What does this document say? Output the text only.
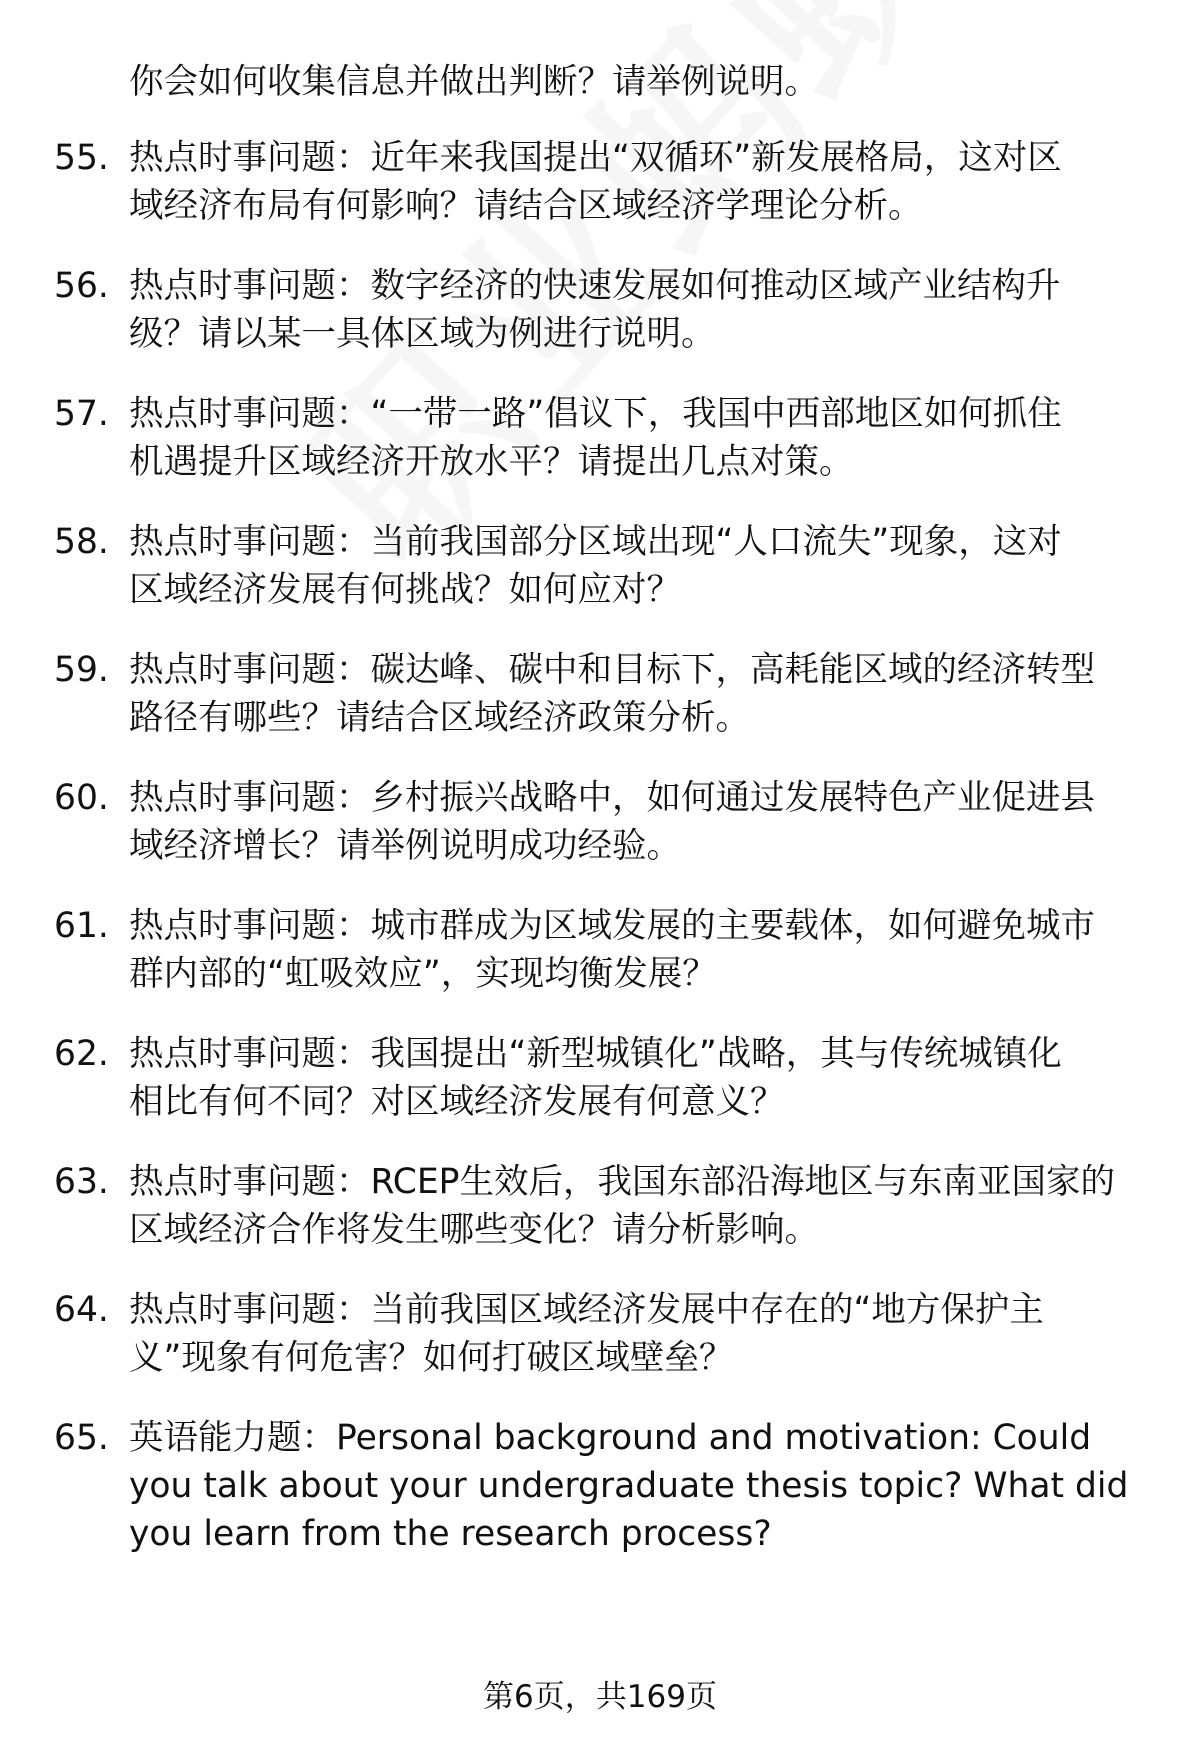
你会如何收集信息并做出判断？请举例说明。
55. 热点时事问题：近年来我国提出“双循环”新发展格局，这对区
域经济布局有何影响？请结合区域经济学理论分析。
56. 热点时事问题：数字经济的快速发展如何推动区域产业结构升
级？请以某一具体区域为例进行说明。
57. 热点时事问题：“一带一路”倡议下，我国中西部地区如何抓住
机遇提升区域经济开放水平？请提出几点对策。
58. 热点时事问题：当前我国部分区域出现“人口流失”现象，这对
区域经济发展有何挑战？如何应对？
59. 热点时事问题：碳达峰、碳中和目标下，高耗能区域的经济转型
路径有哪些？请结合区域经济政策分析。
60. 热点时事问题：乡村振兴战略中，如何通过发展特色产业促进县
域经济增长？请举例说明成功经验。
61. 热点时事问题：城市群成为区域发展的主要载体，如何避免城市
群内部的“虹吸效应”，实现均衡发展？
62. 热点时事问题：我国提出“新型城镇化”战略，其与传统城镇化
相比有何不同？对区域经济发展有何意义？
63. 热点时事问题：RCEP生效后，我国东部沿海地区与东南亚国家的
区域经济合作将发生哪些变化？请分析影响。
64. 热点时事问题：当前我国区域经济发展中存在的“地方保护主
义”现象有何危害？如何打破区域壁垒？
65. 英语能力题：Personal background and motivation: Could
you talk about your undergraduate thesis topic? What did
you learn from the research process?
第6页，共169页
